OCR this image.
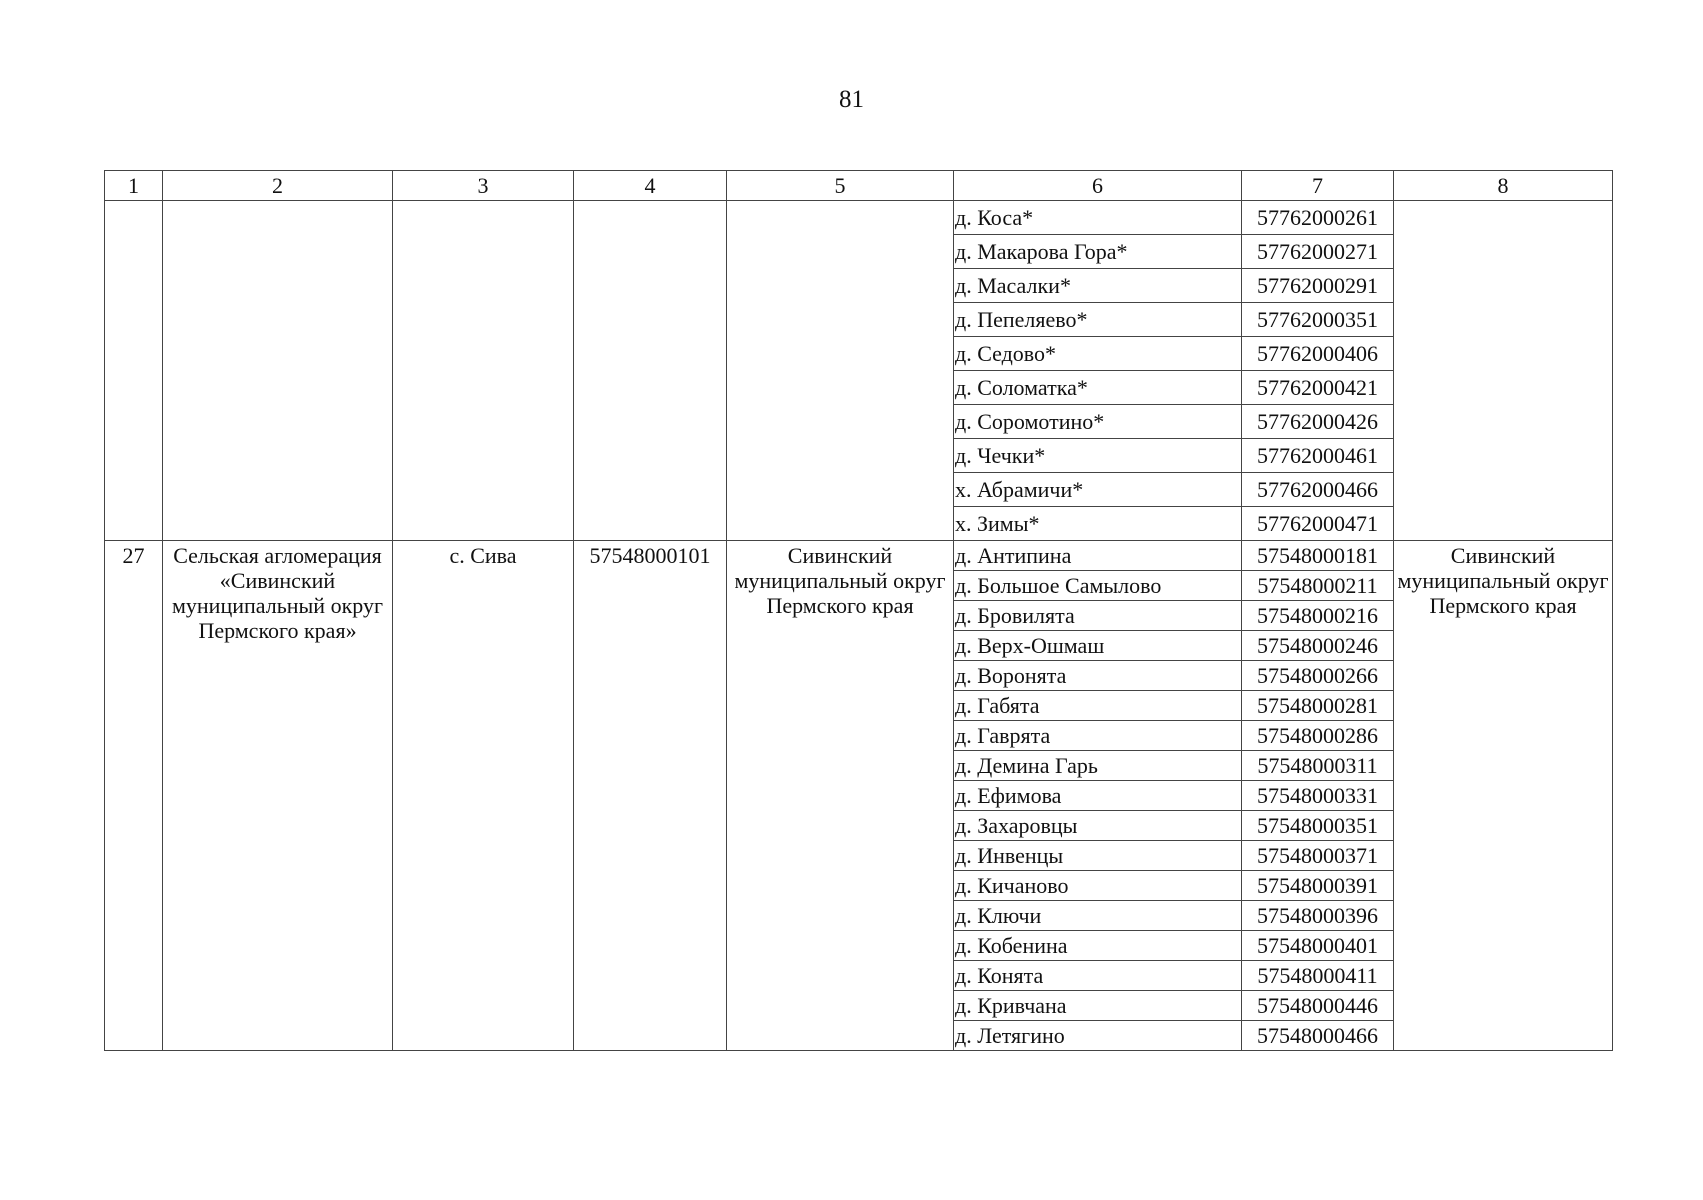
81
1	2	3	4	5	6	7	8
					д. Коса*	57762000261	
					д. Макарова Гора*	57762000271	
					д. Масалки*	57762000291	
					д. Пепеляево*	57762000351	
					д. Седово*	57762000406	
					д. Соломатка*	57762000421	
					д. Соромотино*	57762000426	
					д. Чечки*	57762000461	
					х. Абрамичи*	57762000466	
					х. Зимы*	57762000471	
27	Сельская агломерация «Сивинский муниципальный округ Пермского края»	с. Сива	57548000101	Сивинский муниципальный округ Пермского края	д. Антипина	57548000181	Сивинский муниципальный округ Пермского края
					д. Большое Самылово	57548000211	
					д. Бровилята	57548000216	
					д. Верх-Ошмаш	57548000246	
					д. Воронята	57548000266	
					д. Габята	57548000281	
					д. Гаврята	57548000286	
					д. Демина Гарь	57548000311	
					д. Ефимова	57548000331	
					д. Захаровцы	57548000351	
					д. Инвенцы	57548000371	
					д. Кичаново	57548000391	
					д. Ключи	57548000396	
					д. Кобенина	57548000401	
					д. Конята	57548000411	
					д. Кривчана	57548000446	
					д. Летягино	57548000466	
